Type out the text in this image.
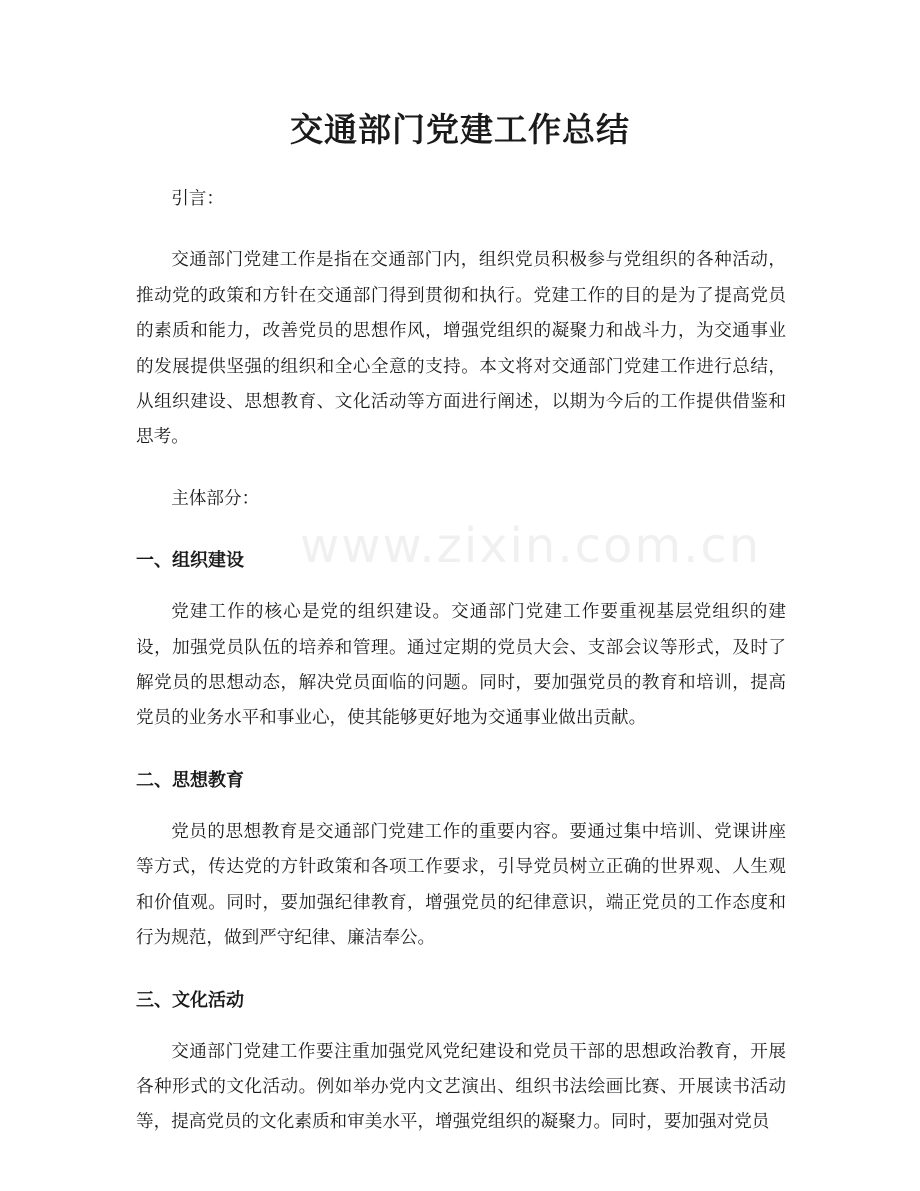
交通部门党建工作总结
www.zixin.com.cn

引言：

交通部门党建工作是指在交通部门内，组织党员积极参与党组织的各种活动，推动党的政策和方针在交通部门得到贯彻和执行。党建工作的目的是为了提高党员的素质和能力，改善党员的思想作风，增强党组织的凝聚力和战斗力，为交通事业的发展提供坚强的组织和全心全意的支持。本文将对交通部门党建工作进行总结，从组织建设、思想教育、文化活动等方面进行阐述，以期为今后的工作提供借鉴和思考。

主体部分：

一、组织建设

党建工作的核心是党的组织建设。交通部门党建工作要重视基层党组织的建设，加强党员队伍的培养和管理。通过定期的党员大会、支部会议等形式，及时了解党员的思想动态，解决党员面临的问题。同时，要加强党员的教育和培训，提高党员的业务水平和事业心，使其能够更好地为交通事业做出贡献。

二、思想教育

党员的思想教育是交通部门党建工作的重要内容。要通过集中培训、党课讲座等方式，传达党的方针政策和各项工作要求，引导党员树立正确的世界观、人生观和价值观。同时，要加强纪律教育，增强党员的纪律意识，端正党员的工作态度和行为规范，做到严守纪律、廉洁奉公。

三、文化活动

交通部门党建工作要注重加强党风党纪建设和党员干部的思想政治教育，开展各种形式的文化活动。例如举办党内文艺演出、组织书法绘画比赛、开展读书活动等，提高党员的文化素质和审美水平，增强党组织的凝聚力。同时，要加强对党员
